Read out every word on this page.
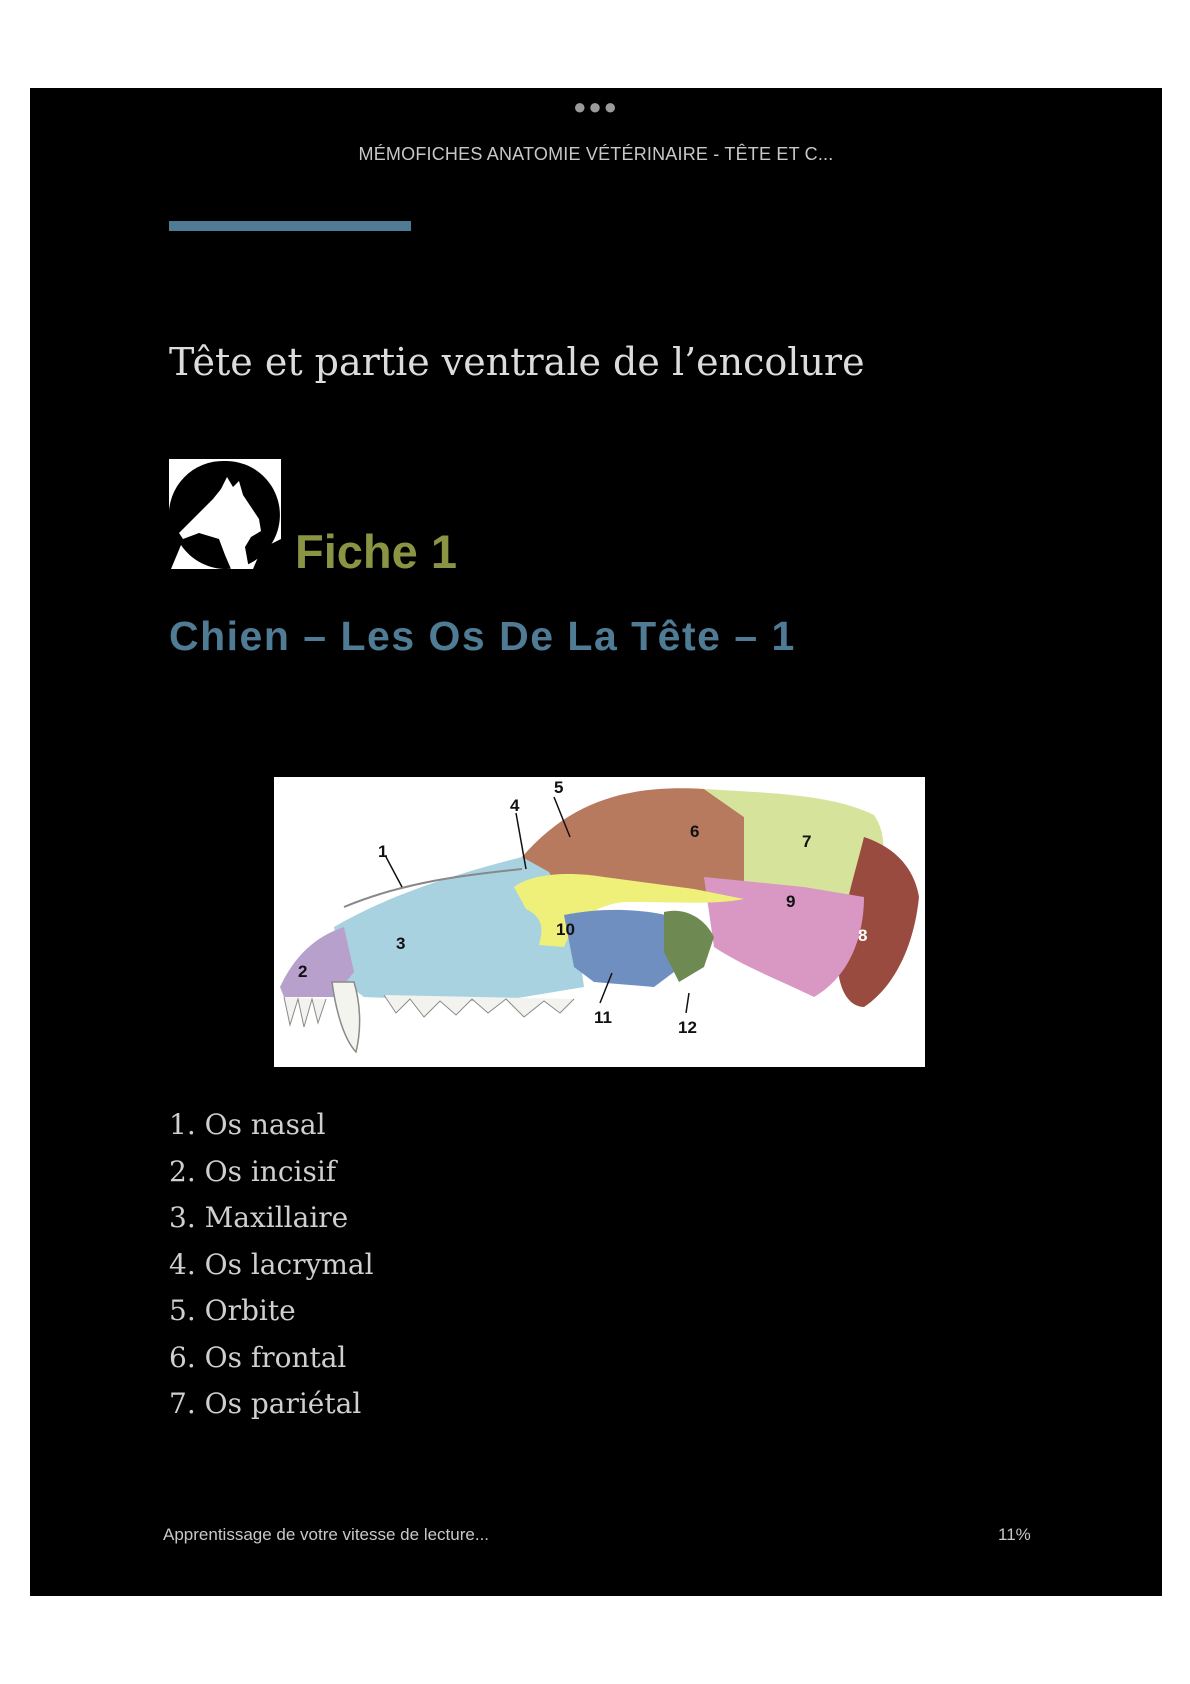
●●●
MÉMOFICHES ANATOMIE VÉTÉRINAIRE - TÊTE ET C...
Tête et partie ventrale de l’encolure
Fiche 1
Chien – Les Os De La Tête – 1
1
2
3
4
5
6
7
8
9
10
11
12
1. Os nasal
2. Os incisif
3. Maxillaire
4. Os lacrymal
5. Orbite
6. Os frontal
7. Os pariétal
Apprentissage de votre vitesse de lecture...	11%
